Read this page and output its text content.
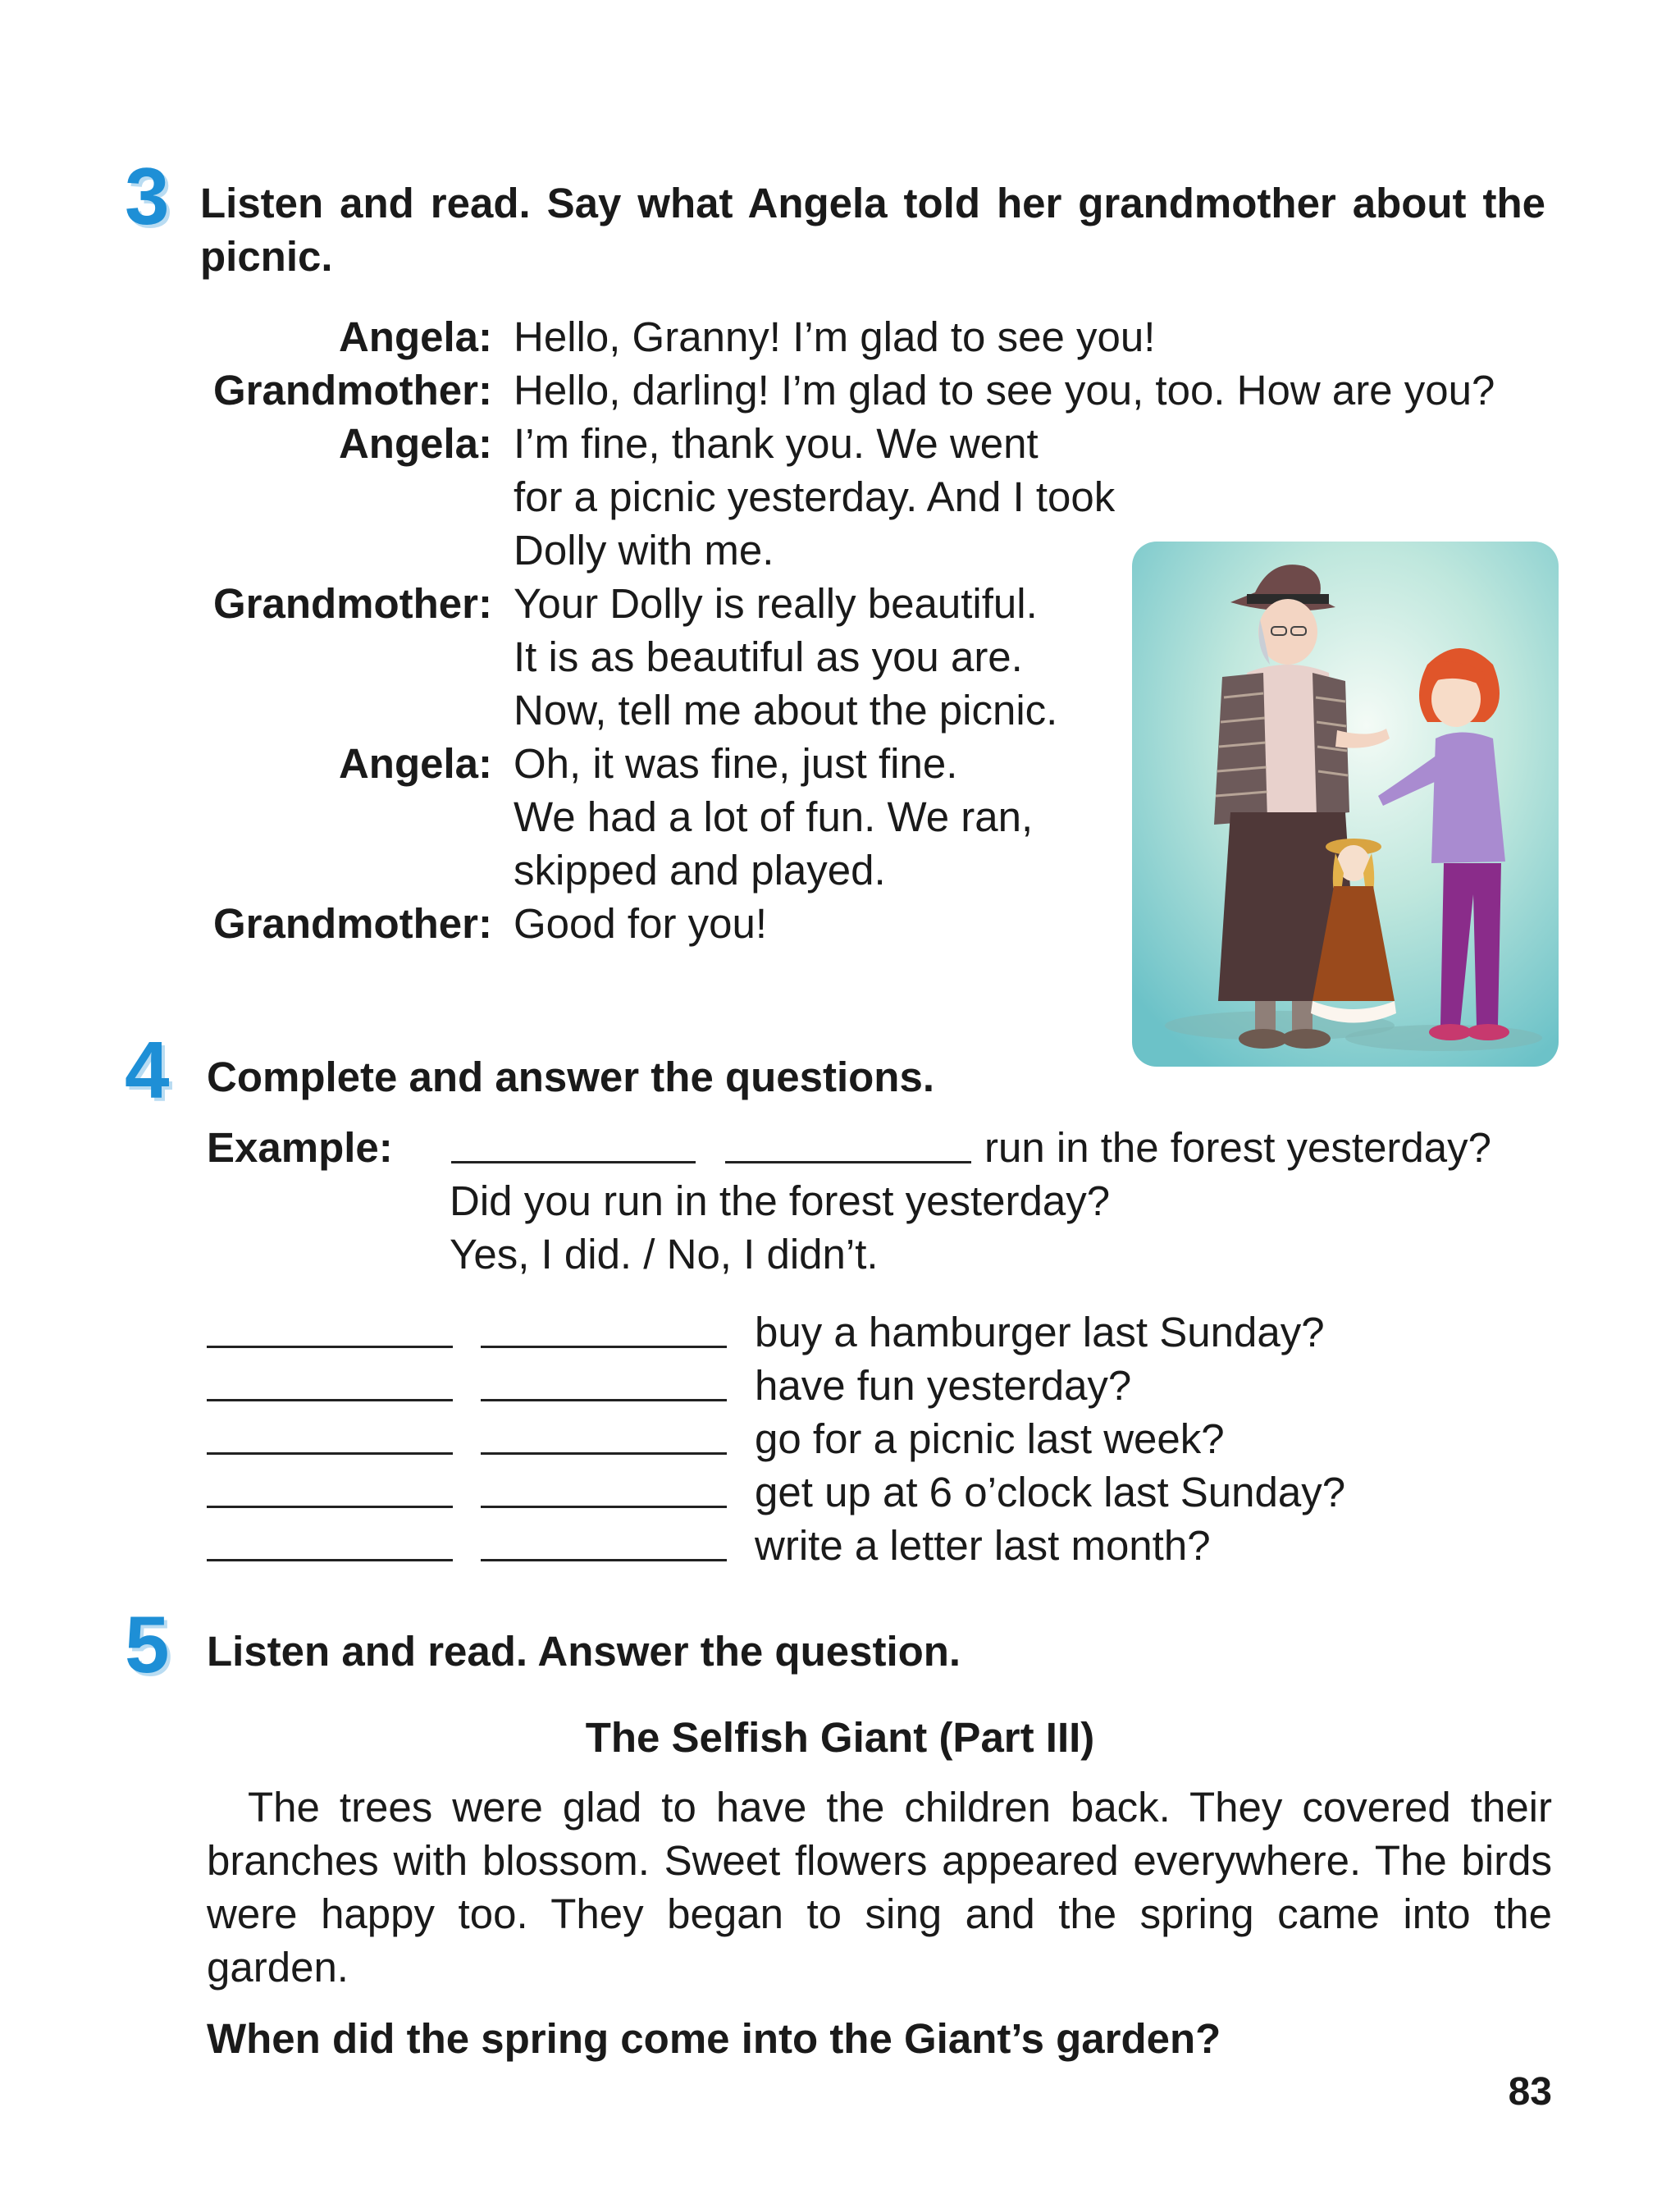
3 Listen and read. Say what Angela told her grandmother about the picnic.
Angela: Hello, Granny! I’m glad to see you!
Grandmother: Hello, darling! I’m glad to see you, too. How are you?
Angela: I’m fine, thank you. We went
for a picnic yesterday. And I took
Dolly with me.
Grandmother: Your Dolly is really beautiful.
It is as beautiful as you are.
Now, tell me about the picnic.
Angela: Oh, it was fine, just fine.
We had a lot of fun. We ran,
skipped and played.
Grandmother: Good for you!
4 Complete and answer the questions.
Example:	run in the forest yesterday?
Did you run in the forest yesterday?
Yes, I did. / No, I didn’t.
buy a hamburger last Sunday?
have fun yesterday?
go for a picnic last week?
get up at 6 o’clock last Sunday?
write a letter last month?
5 Listen and read. Answer the question.
The Selfish Giant (Part III)
The trees were glad to have the children back. They covered their branches with blossom. Sweet flowers appeared everywhere. The birds were happy too. They began to sing and the spring came into the garden.
When did the spring come into the Giant’s garden?
83
